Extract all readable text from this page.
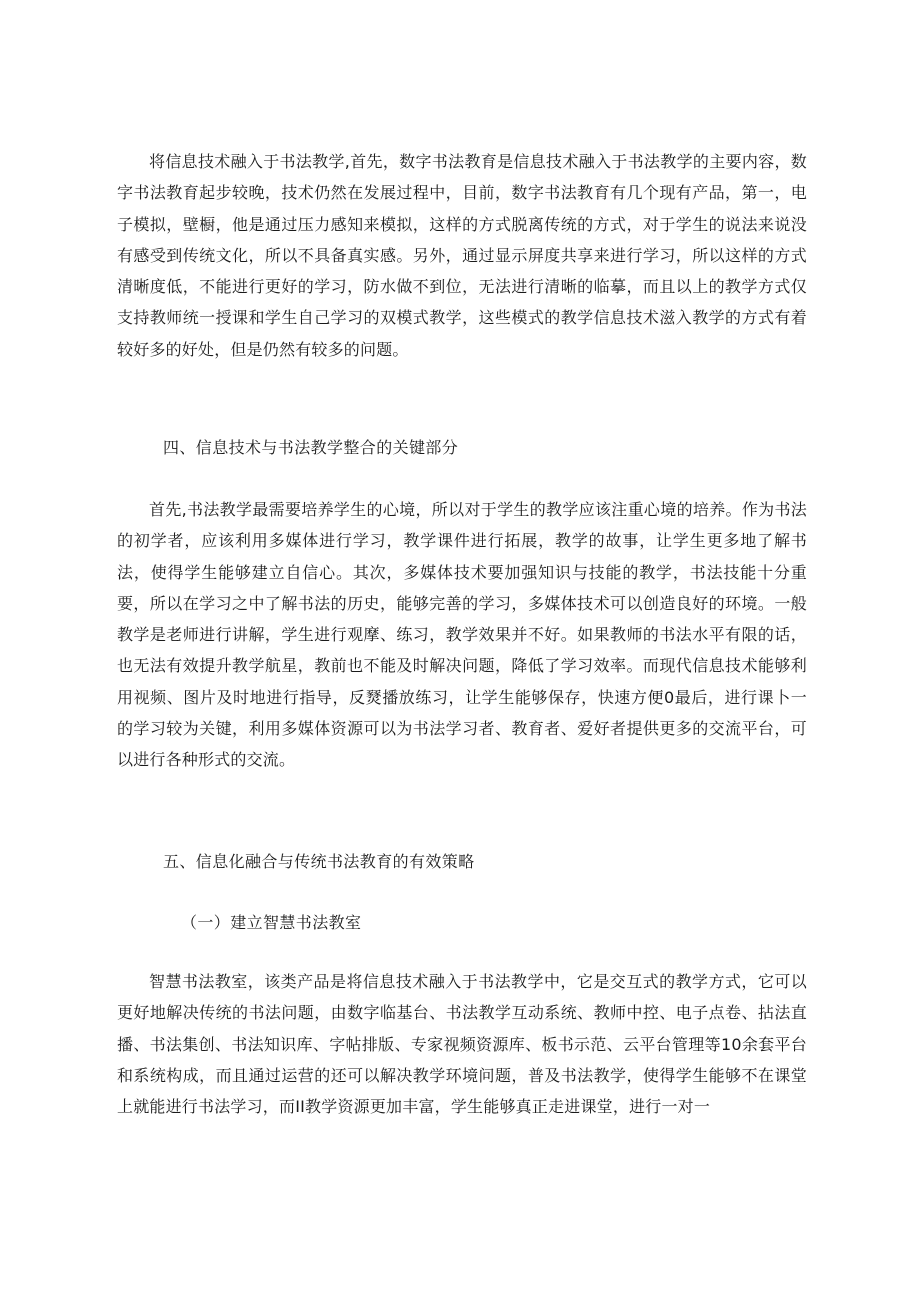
将信息技术融入于书法教学,首先，数字书法教育是信息技术融入于书法教学的主要内容，数字书法教育起步较晚，技术仍然在发展过程中，目前，数字书法教育有几个现有产品，第一，电子模拟，壁橱，他是通过压力感知来模拟，这样的方式脱离传统的方式，对于学生的说法来说没有感受到传统文化，所以不具备真实感。另外，通过显示屏度共享来进行学习，所以这样的方式清晰度低，不能进行更好的学习，防水做不到位，无法进行清晰的临摹，而且以上的教学方式仅支持教师统一授课和学生自己学习的双模式教学，这些模式的教学信息技术滋入教学的方式有着较好多的好处，但是仍然有较多的问题。

四、信息技术与书法教学整合的关键部分

首先,书法教学最需要培养学生的心境，所以对于学生的教学应该注重心境的培养。作为书法的初学者，应该利用多媒体进行学习，教学课件进行拓展，教学的故事，让学生更多地了解书法，使得学生能够建立自信心。其次，多媒体技术要加强知识与技能的教学，书法技能十分重要，所以在学习之中了解书法的历史，能够完善的学习，多媒体技术可以创造良好的环境。一般教学是老师进行讲解，学生进行观摩、练习，教学效果并不好。如果教师的书法水平有限的话，也无法有效提升教学航星，教前也不能及时解决问题，降低了学习效率。而现代信息技术能够利用视频、图片及时地进行指导，反燹播放练习，让学生能够保存，快速方便0最后，进行课卜一的学习较为关键，利用多媒体资源可以为书法学习者、教育者、爱好者提供更多的交流平台，可以进行各种形式的交流。

五、信息化融合与传统书法教育的有效策略
（一）建立智慧书法教室

智慧书法教室，该类产品是将信息技术融入于书法教学中，它是交互式的教学方式，它可以更好地解决传统的书法问题，由数字临基台、书法教学互动系统、教师中控、电子点卷、拈法直播、书法集创、书法知识库、字帖排版、专家视频资源库、板书示范、云平台管理等10余套平台和系统构成，而且通过运营的还可以解决教学环境问题，普及书法教学，使得学生能够不在课堂上就能进行书法学习，而II教学资源更加丰富，学生能够真正走进课堂，进行一对一
